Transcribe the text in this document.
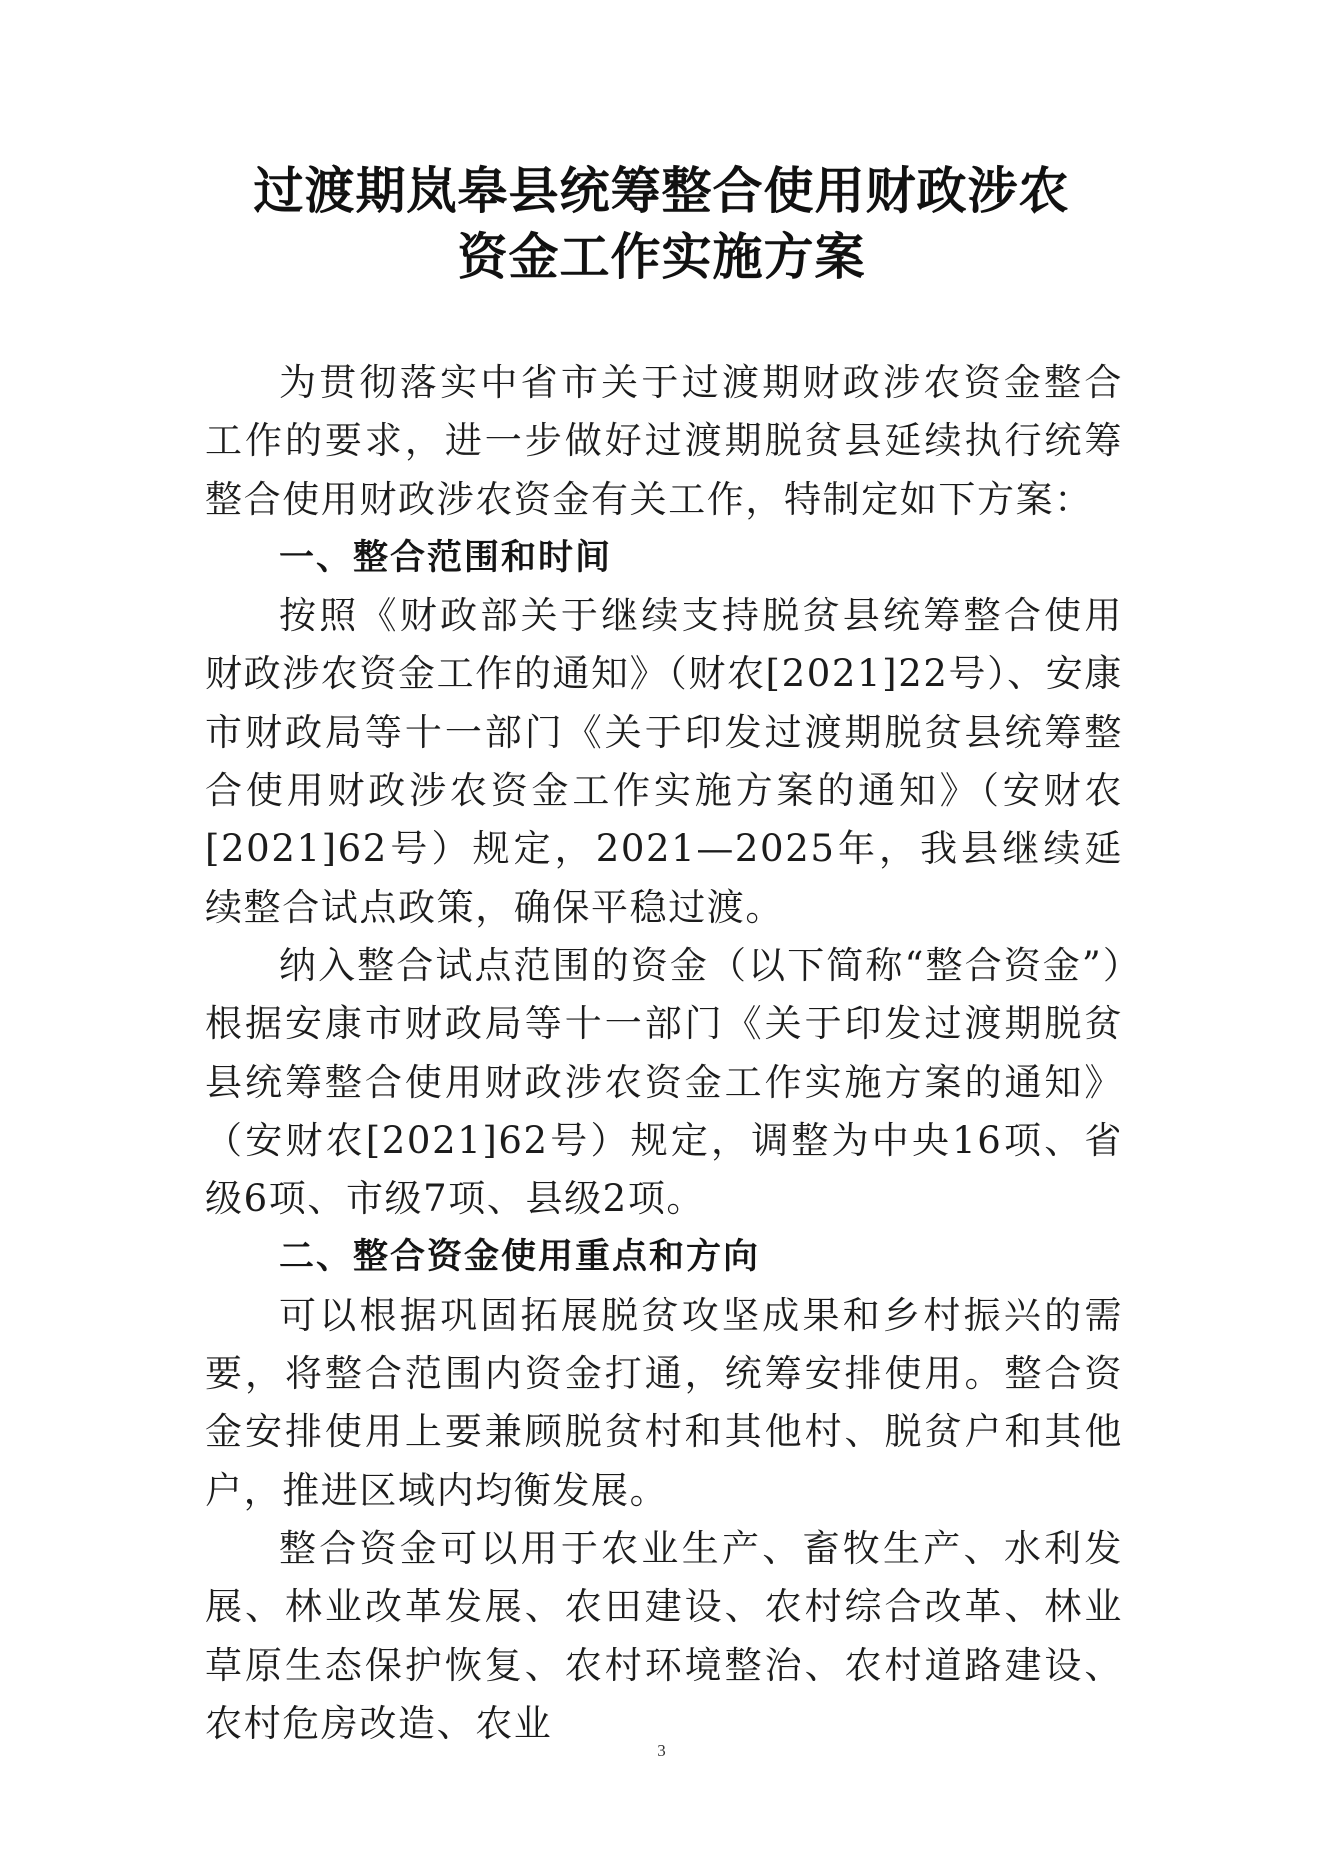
过渡期岚皋县统筹整合使用财政涉农
资金工作实施方案

为贯彻落实中省市关于过渡期财政涉农资金整合工作的要求，进一步做好过渡期脱贫县延续执行统筹整合使用财政涉农资金有关工作，特制定如下方案：

一、整合范围和时间

按照《财政部关于继续支持脱贫县统筹整合使用财政涉农资金工作的通知》（财农[2021]22号）、安康市财政局等十一部门《关于印发过渡期脱贫县统筹整合使用财政涉农资金工作实施方案的通知》（安财农[2021]62号）规定，2021—2025年，我县继续延续整合试点政策，确保平稳过渡。

纳入整合试点范围的资金（以下简称“整合资金”）根据安康市财政局等十一部门《关于印发过渡期脱贫县统筹整合使用财政涉农资金工作实施方案的通知》（安财农[2021]62号）规定，调整为中央16项、省级6项、市级7项、县级2项。

二、整合资金使用重点和方向

可以根据巩固拓展脱贫攻坚成果和乡村振兴的需要，将整合范围内资金打通，统筹安排使用。整合资金安排使用上要兼顾脱贫村和其他村、脱贫户和其他户，推进区域内均衡发展。

整合资金可以用于农业生产、畜牧生产、水利发展、林业改革发展、农田建设、农村综合改革、林业草原生态保护恢复、农村环境整治、农村道路建设、农村危房改造、农业

3
